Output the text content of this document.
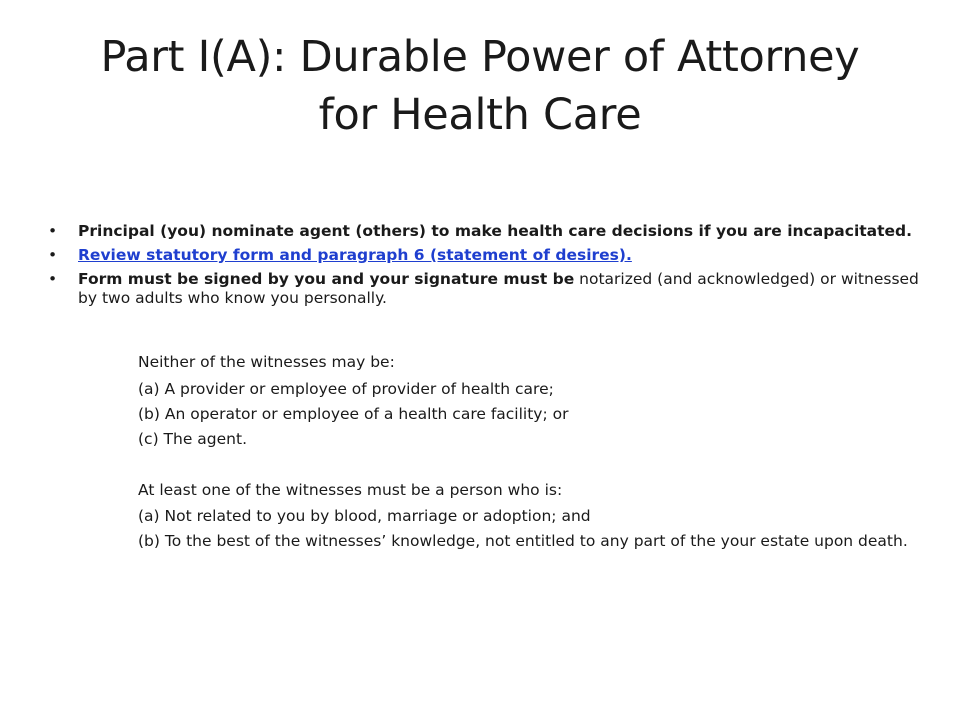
Part I(A): Durable Power of Attorney
for Health Care
• Principal (you) nominate agent (others) to make health care decisions if you are incapacitated.
• Review statutory form and paragraph 6 (statement of desires).
• Form must be signed by you and your signature must be notarized (and acknowledged) or witnessed by two adults who know you personally.

Neither of the witnesses may be:

(a) A provider or employee of provider of health care;

(b) An operator or employee of a health care facility; or

(c) The agent.

At least one of the witnesses must be a person who is:

(a) Not related to you by blood, marriage or adoption; and

(b) To the best of the witnesses’ knowledge, not entitled to any part of the your estate upon death.
